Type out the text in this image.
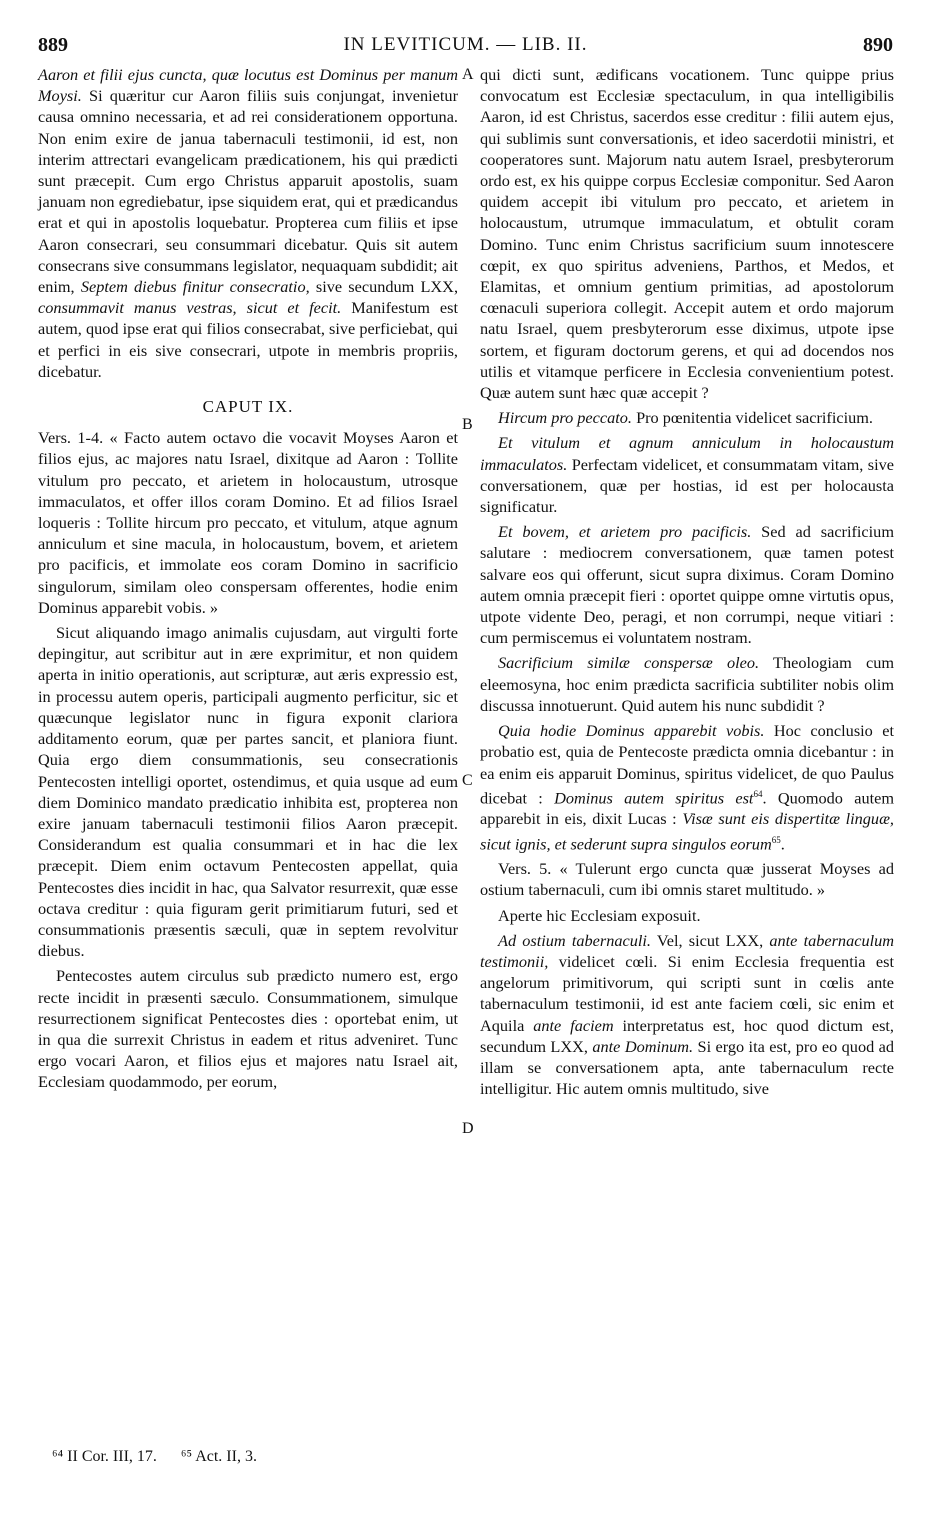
889	IN LEVITICUM. — LIB. II.	890
A
B
C
D

Aaron et filii ejus cuncta, quæ locutus est Dominus per manum Moysi. Si quæritur cur Aaron filiis suis conjungat, invenietur causa omnino necessaria, et ad rei considerationem opportuna. Non enim exire de janua tabernaculi testimonii, id est, non interim attrectari evangelicam prædicationem, his qui prædicti sunt præcepit. Cum ergo Christus apparuit apostolis, suam januam non egrediebatur, ipse siquidem erat, qui et prædicandus erat et qui in apostolis loquebatur. Propterea cum filiis et ipse Aaron consecrari, seu consummari dicebatur. Quis sit autem consecrans sive consummans legislator, nequaquam subdidit; ait enim, Septem diebus finitur consecratio, sive secundum LXX, consummavit manus vestras, sicut et fecit. Manifestum est autem, quod ipse erat qui filios consecrabat, sive perficiebat, qui et perfici in eis sive consecrari, utpote in membris propriis, dicebatur.

CAPUT IX.

Vers. 1-4. « Facto autem octavo die vocavit Moyses Aaron et filios ejus, ac majores natu Israel, dixitque ad Aaron : Tollite vitulum pro peccato, et arietem in holocaustum, utrosque immaculatos, et offer illos coram Domino. Et ad filios Israel loqueris : Tollite hircum pro peccato, et vitulum, atque agnum anniculum et sine macula, in holocaustum, bovem, et arietem pro pacificis, et immolate eos coram Domino in sacrificio singulorum, similam oleo conspersam offerentes, hodie enim Dominus apparebit vobis. »

Sicut aliquando imago animalis cujusdam, aut virgulti forte depingitur, aut scribitur aut in ære exprimitur, et non quidem aperta in initio operationis, aut scripturæ, aut æris expressio est, in processu autem operis, participali augmento perficitur, sic et quæcunque legislator nunc in figura exponit clariora additamento eorum, quæ per partes sancit, et planiora fiunt. Quia ergo diem consummationis, seu consecrationis Pentecosten intelligi oportet, ostendimus, et quia usque ad eum diem Dominico mandato prædicatio inhibita est, propterea non exire januam tabernaculi testimonii filios Aaron præcepit. Considerandum est qualia consummari et in hac die lex præcepit. Diem enim octavum Pentecosten appellat, quia Pentecostes dies incidit in hac, qua Salvator resurrexit, quæ esse octava creditur : quia figuram gerit primitiarum futuri, sed et consummationis præsentis sæculi, quæ in septem revolvitur diebus.

Pentecostes autem circulus sub prædicto numero est, ergo recte incidit in præsenti sæculo. Consummationem, simulque resurrectionem significat Pentecostes dies : oportebat enim, ut in qua die surrexit Christus in eadem et ritus adveniret. Tunc ergo vocari Aaron, et filios ejus et majores natu Israel ait, Ecclesiam quodammodo, per eorum,

qui dicti sunt, ædificans vocationem. Tunc quippe prius convocatum est Ecclesiæ spectaculum, in qua intelligibilis Aaron, id est Christus, sacerdos esse creditur : filii autem ejus, qui sublimis sunt conversationis, et ideo sacerdotii ministri, et cooperatores sunt. Majorum natu autem Israel, presbyterorum ordo est, ex his quippe corpus Ecclesiæ componitur. Sed Aaron quidem accepit ibi vitulum pro peccato, et arietem in holocaustum, utrumque immaculatum, et obtulit coram Domino. Tunc enim Christus sacrificium suum innotescere cœpit, ex quo spiritus adveniens, Parthos, et Medos, et Elamitas, et omnium gentium primitias, ad apostolorum cœnaculi superiora collegit. Accepit autem et ordo majorum natu Israel, quem presbyterorum esse diximus, utpote ipse sortem, et figuram doctorum gerens, et qui ad docendos nos utilis et vitamque perficere in Ecclesia convenientium potest. Quæ autem sunt hæc quæ accepit ?

Hircum pro peccato. Pro pœnitentia videlicet sacrificium.

Et vitulum et agnum anniculum in holocaustum immaculatos. Perfectam videlicet, et consummatam vitam, sive conversationem, quæ per hostias, id est per holocausta significatur.

Et bovem, et arietem pro pacificis. Sed ad sacrificium salutare : mediocrem conversationem, quæ tamen potest salvare eos qui offerunt, sicut supra diximus. Coram Domino autem omnia præcepit fieri : oportet quippe omne virtutis opus, utpote vidente Deo, peragi, et non corrumpi, neque vitiari : cum permiscemus ei voluntatem nostram.

Sacrificium similæ conspersæ oleo. Theologiam cum eleemosyna, hoc enim prædicta sacrificia subtiliter nobis olim discussa innotuerunt. Quid autem his nunc subdidit ?

Quia hodie Dominus apparebit vobis. Hoc conclusio et probatio est, quia de Pentecoste prædicta omnia dicebantur : in ea enim eis apparuit Dominus, spiritus videlicet, de quo Paulus dicebat : Dominus autem spiritus est$^{64}$. Quomodo autem apparebit in eis, dixit Lucas : Visæ sunt eis dispertitæ linguæ, sicut ignis, et sederunt supra singulos eorum$^{65}$.

Vers. 5. « Tulerunt ergo cuncta quæ jusserat Moyses ad ostium tabernaculi, cum ibi omnis staret multitudo. »

Aperte hic Ecclesiam exposuit.

Ad ostium tabernaculi. Vel, sicut LXX, ante tabernaculum testimonii, videlicet cœli. Si enim Ecclesia frequentia est angelorum primitivorum, qui scripti sunt in cœlis ante tabernaculum testimonii, id est ante faciem cœli, sic enim et Aquila ante faciem interpretatus est, hoc quod dictum est, secundum LXX, ante Dominum. Si ergo ita est, pro eo quod ad illam se conversationem apta, ante tabernaculum recte intelligitur. Hic autem omnis multitudo, sive

⁶⁴ II Cor. III, 17. ⁶⁵ Act. II, 3.
